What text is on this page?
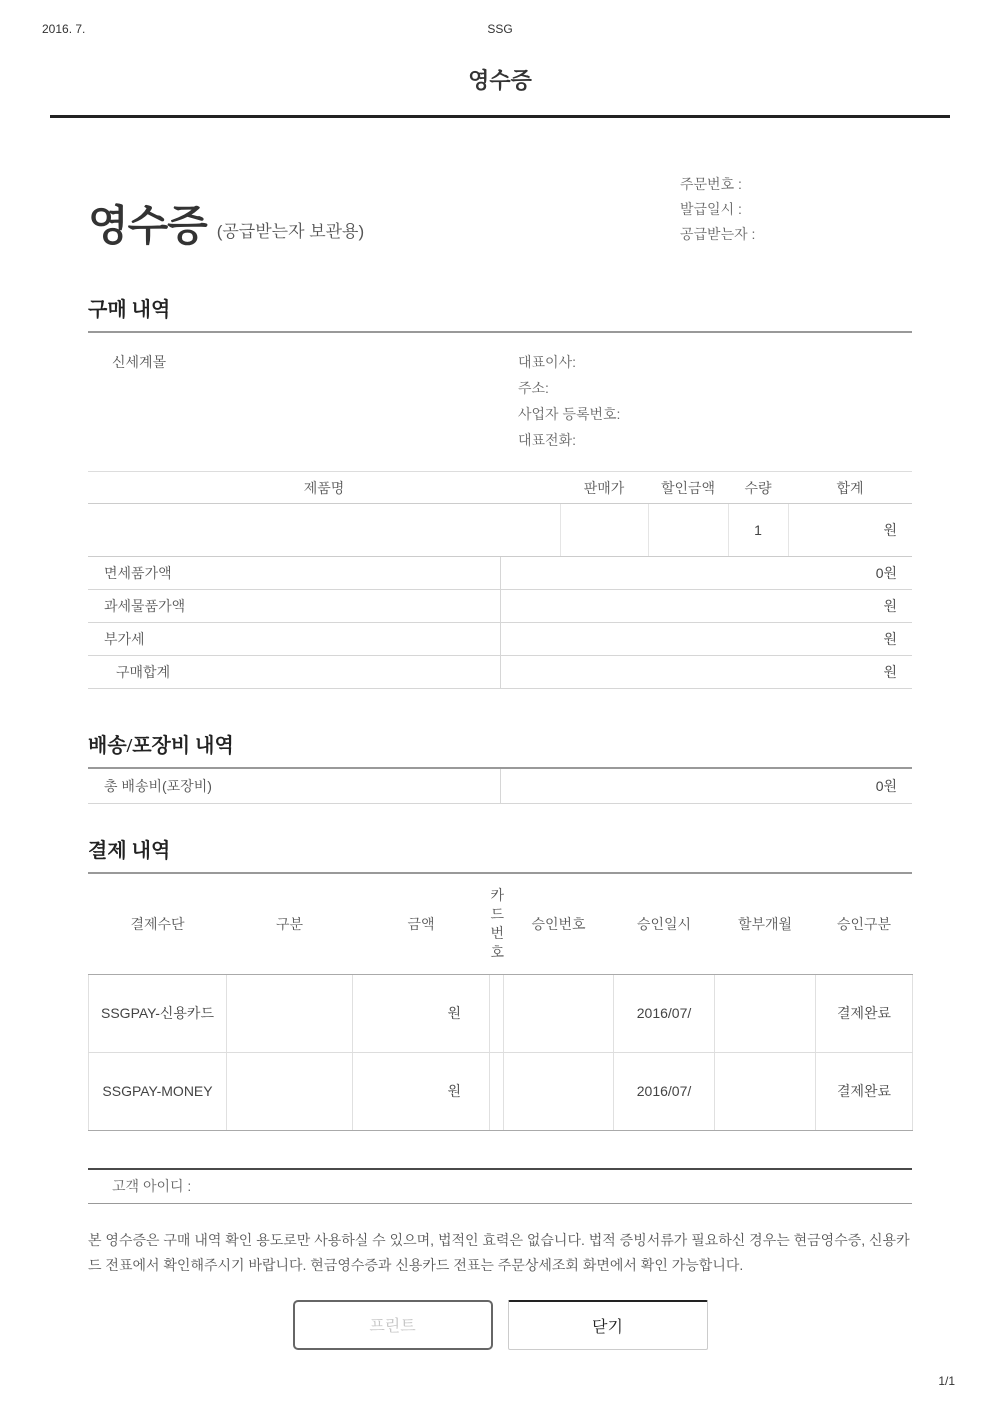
2016. 7.	SSG
영수증
영수증 (공급받는자 보관용)
주문번호 :
발급일시 :
공급받는자 :
구매 내역
신세계몰	대표이사:
주소:
사업자 등록번호:
대표전화:
제품명	판매가	할인금액	수량	합계
			1	원
면세품가액	0원
과세물품가액	원
부가세	원
구매합계	원
배송/포장비 내역
총 배송비(포장비)	0원
결제 내역
결제수단	구분	금액	카드번호	승인번호	승인일시	할부개월	승인구분
SSGPAY-신용카드		원			2016/07/		결제완료
SSGPAY-MONEY		원			2016/07/		결제완료
고객 아이디 :

본 영수증은 구매 내역 확인 용도로만 사용하실 수 있으며, 법적인 효력은 없습니다. 법적 증빙서류가 필요하신 경우는 현금영수증, 신용카드 전표에서 확인해주시기 바랍니다. 현금영수증과 신용카드 전표는 주문상세조회 화면에서 확인 가능합니다.

프린트	닫기
1/1
